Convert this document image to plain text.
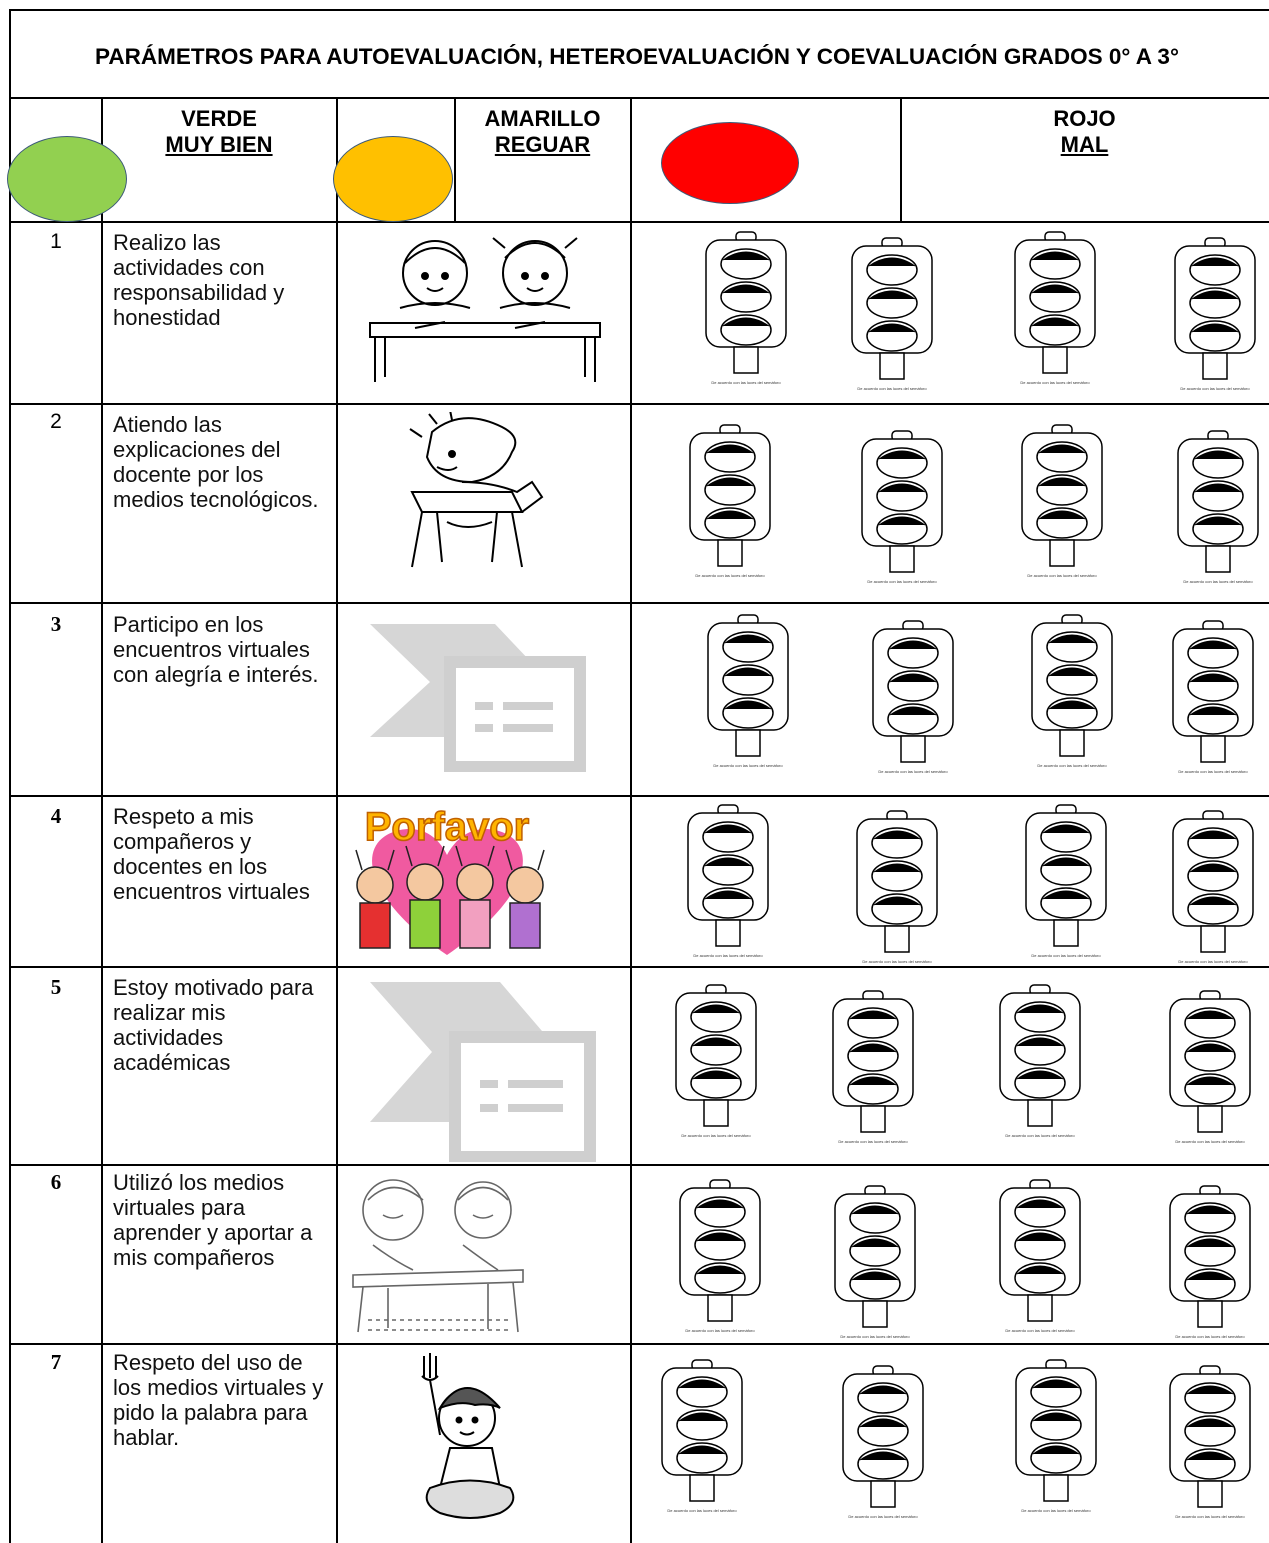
PARÁMETROS PARA AUTOEVALUACIÓN, HETEROEVALUACIÓN Y COEVALUACIÓN GRADOS 0° A 3°
VERDE
MUY BIEN
AMARILLO
REGUAR
ROJO
MAL
1
2
3
4
5
6
7
Realizo las actividades con responsabilidad y honestidad
Atiendo las explicaciones del docente por los medios tecnológicos.
Participo en los encuentros virtuales con alegría e interés.
Respeto a mis compañeros y docentes en los encuentros virtuales
Estoy motivado para realizar mis actividades académicas
Utilizó los medios virtuales para aprender y aportar a mis compañeros
Respeto del uso de los medios virtuales y pido la palabra para hablar.
Porfavor
De acuerdo con las luces del semáforo
De acuerdo con las luces del semáforo
De acuerdo con las luces del semáforo
De acuerdo con las luces del semáforo
De acuerdo con las luces del semáforo
De acuerdo con las luces del semáforo
De acuerdo con las luces del semáforo
De acuerdo con las luces del semáforo
De acuerdo con las luces del semáforo
De acuerdo con las luces del semáforo
De acuerdo con las luces del semáforo
De acuerdo con las luces del semáforo
De acuerdo con las luces del semáforo
De acuerdo con las luces del semáforo
De acuerdo con las luces del semáforo
De acuerdo con las luces del semáforo
De acuerdo con las luces del semáforo
De acuerdo con las luces del semáforo
De acuerdo con las luces del semáforo
De acuerdo con las luces del semáforo
De acuerdo con las luces del semáforo
De acuerdo con las luces del semáforo
De acuerdo con las luces del semáforo
De acuerdo con las luces del semáforo
De acuerdo con las luces del semáforo
De acuerdo con las luces del semáforo
De acuerdo con las luces del semáforo
De acuerdo con las luces del semáforo
